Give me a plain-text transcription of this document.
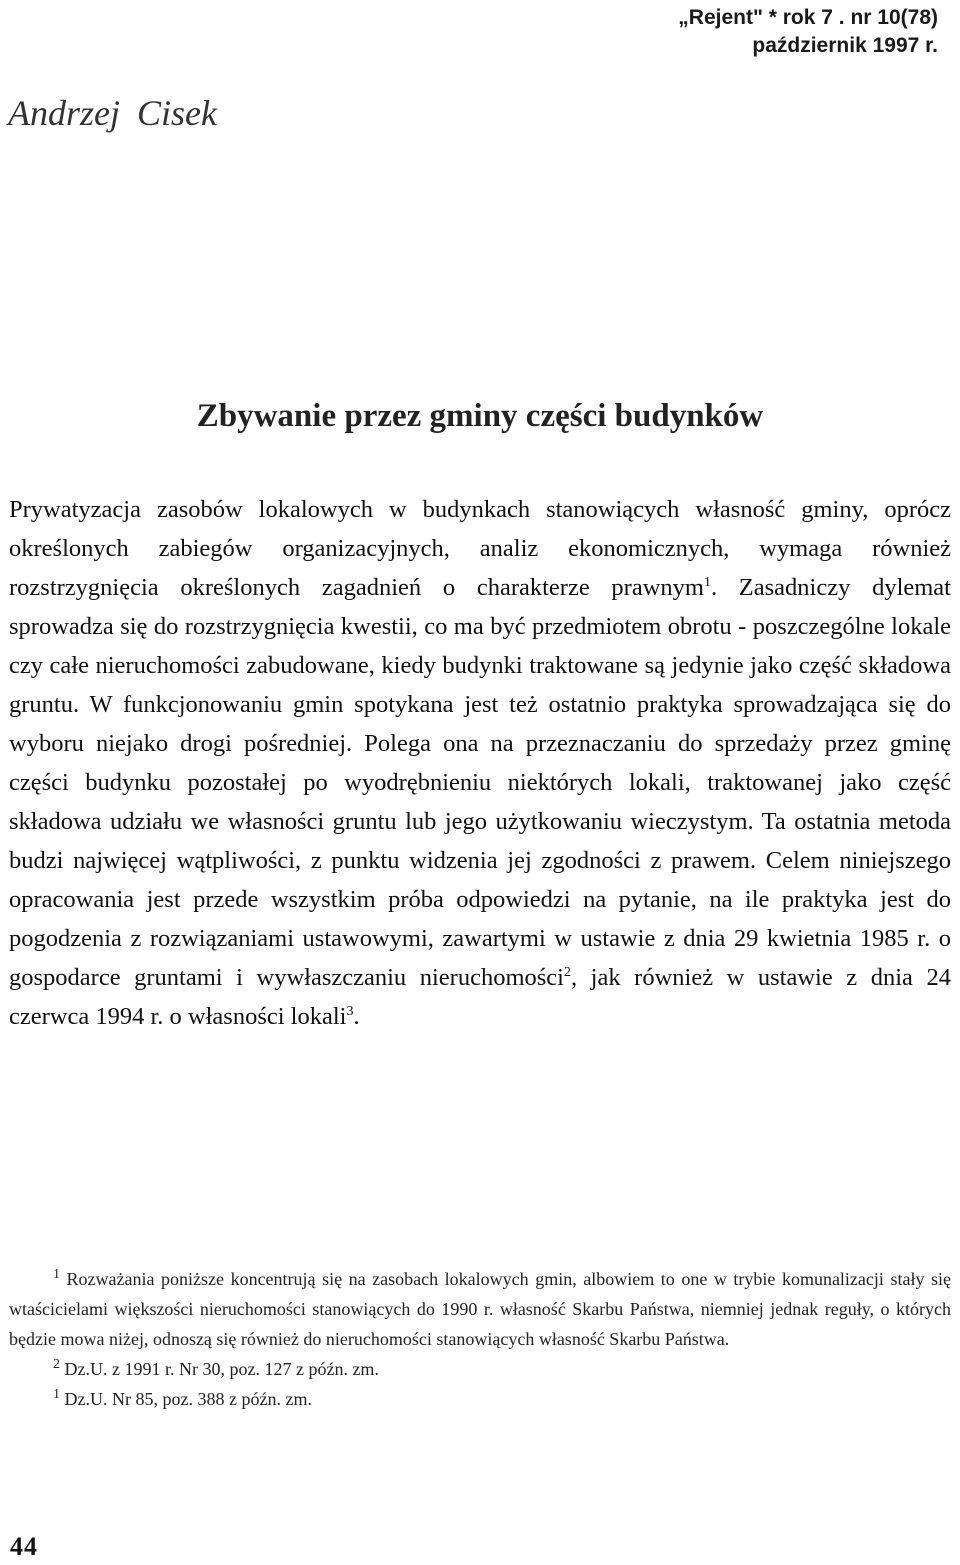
„Rejent" * rok 7 . nr 10(78)
październik 1997 r.
Andrzej Cisek
Zbywanie przez gminy części budynków
Prywatyzacja zasobów lokalowych w budynkach stanowiących własność gminy, oprócz określonych zabiegów organizacyjnych, analiz ekonomicznych, wymaga również rozstrzygnięcia określonych zagadnień o charakterze prawnym$^1$. Zasadniczy dylemat sprowadza się do rozstrzygnięcia kwestii, co ma być przedmiotem obrotu - poszczególne lokale czy całe nieruchomości zabudowane, kiedy budynki traktowane są jedynie jako część składowa gruntu. W funkcjonowaniu gmin spotykana jest też ostatnio praktyka sprowadzająca się do wyboru niejako drogi pośredniej. Polega ona na przeznaczaniu do sprzedaży przez gminę części budynku pozostałej po wyodrębnieniu niektórych lokali, traktowanej jako część składowa udziału we własności gruntu lub jego użytkowaniu wieczystym. Ta ostatnia metoda budzi najwięcej wątpliwości, z punktu widzenia jej zgodności z prawem. Celem niniejszego opracowania jest przede wszystkim próba odpowiedzi na pytanie, na ile praktyka jest do pogodzenia z rozwiązaniami ustawowymi, zawartymi w ustawie z dnia 29 kwietnia 1985 r. o gospodarce gruntami i wywłaszczaniu nieruchomości$^2$, jak również w ustawie z dnia 24 czerwca 1994 r. o własności lokali$^3$.

$^1$ Rozważania poniższe koncentrują się na zasobach lokalowych gmin, albowiem to one w trybie komunalizacji stały się wtaścicielami większości nieruchomości stanowiących do 1990 r. własność Skarbu Państwa, niemniej jednak reguły, o których będzie mowa niżej, odnoszą się również do nieruchomości stanowiących własność Skarbu Państwa.

$^2$ Dz.U. z 1991 r. Nr 30, poz. 127 z późn. zm.

$^1$ Dz.U. Nr 85, poz. 388 z późn. zm.

44
